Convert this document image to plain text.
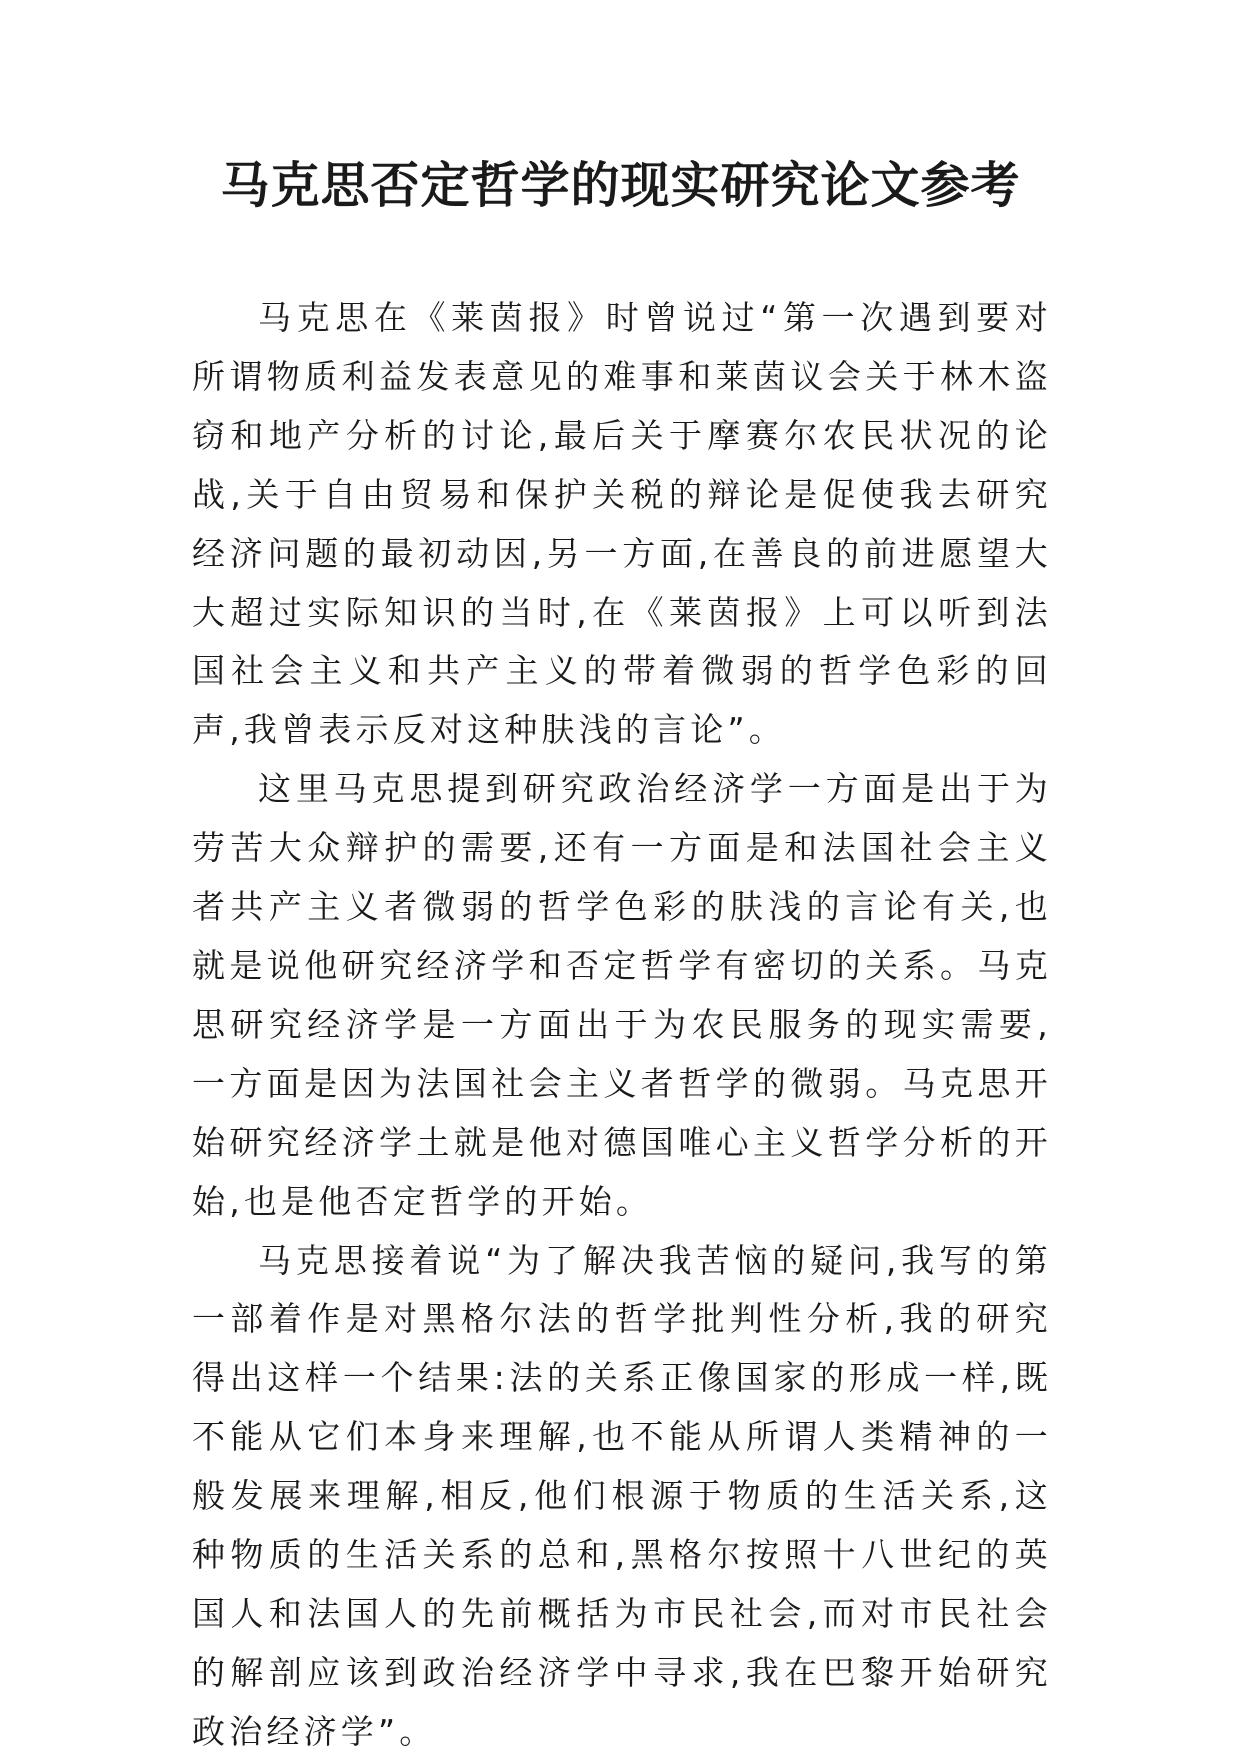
马克思否定哲学的现实研究论文参考

马克思在《莱茵报》时曾说过“第一次遇到要对所谓物质利益发表意见的难事和莱茵议会关于林木盗窃和地产分析的讨论,最后关于摩赛尔农民状况的论战,关于自由贸易和保护关税的辩论是促使我去研究经济问题的最初动因,另一方面,在善良的前进愿望大大超过实际知识的当时,在《莱茵报》上可以听到法国社会主义和共产主义的带着微弱的哲学色彩的回声,我曾表示反对这种肤浅的言论”。

这里马克思提到研究政治经济学一方面是出于为劳苦大众辩护的需要,还有一方面是和法国社会主义者共产主义者微弱的哲学色彩的肤浅的言论有关,也就是说他研究经济学和否定哲学有密切的关系。马克思研究经济学是一方面出于为农民服务的现实需要,一方面是因为法国社会主义者哲学的微弱。马克思开始研究经济学土就是他对德国唯心主义哲学分析的开始,也是他否定哲学的开始。

马克思接着说“为了解决我苦恼的疑问,我写的第一部着作是对黑格尔法的哲学批判性分析,我的研究得出这样一个结果:法的关系正像国家的形成一样,既不能从它们本身来理解,也不能从所谓人类精神的一般发展来理解,相反,他们根源于物质的生活关系,这种物质的生活关系的总和,黑格尔按照十八世纪的英国人和法国人的先前概括为市民社会,而对市民社会的解剖应该到政治经济学中寻求,我在巴黎开始研究政治经济学”。
